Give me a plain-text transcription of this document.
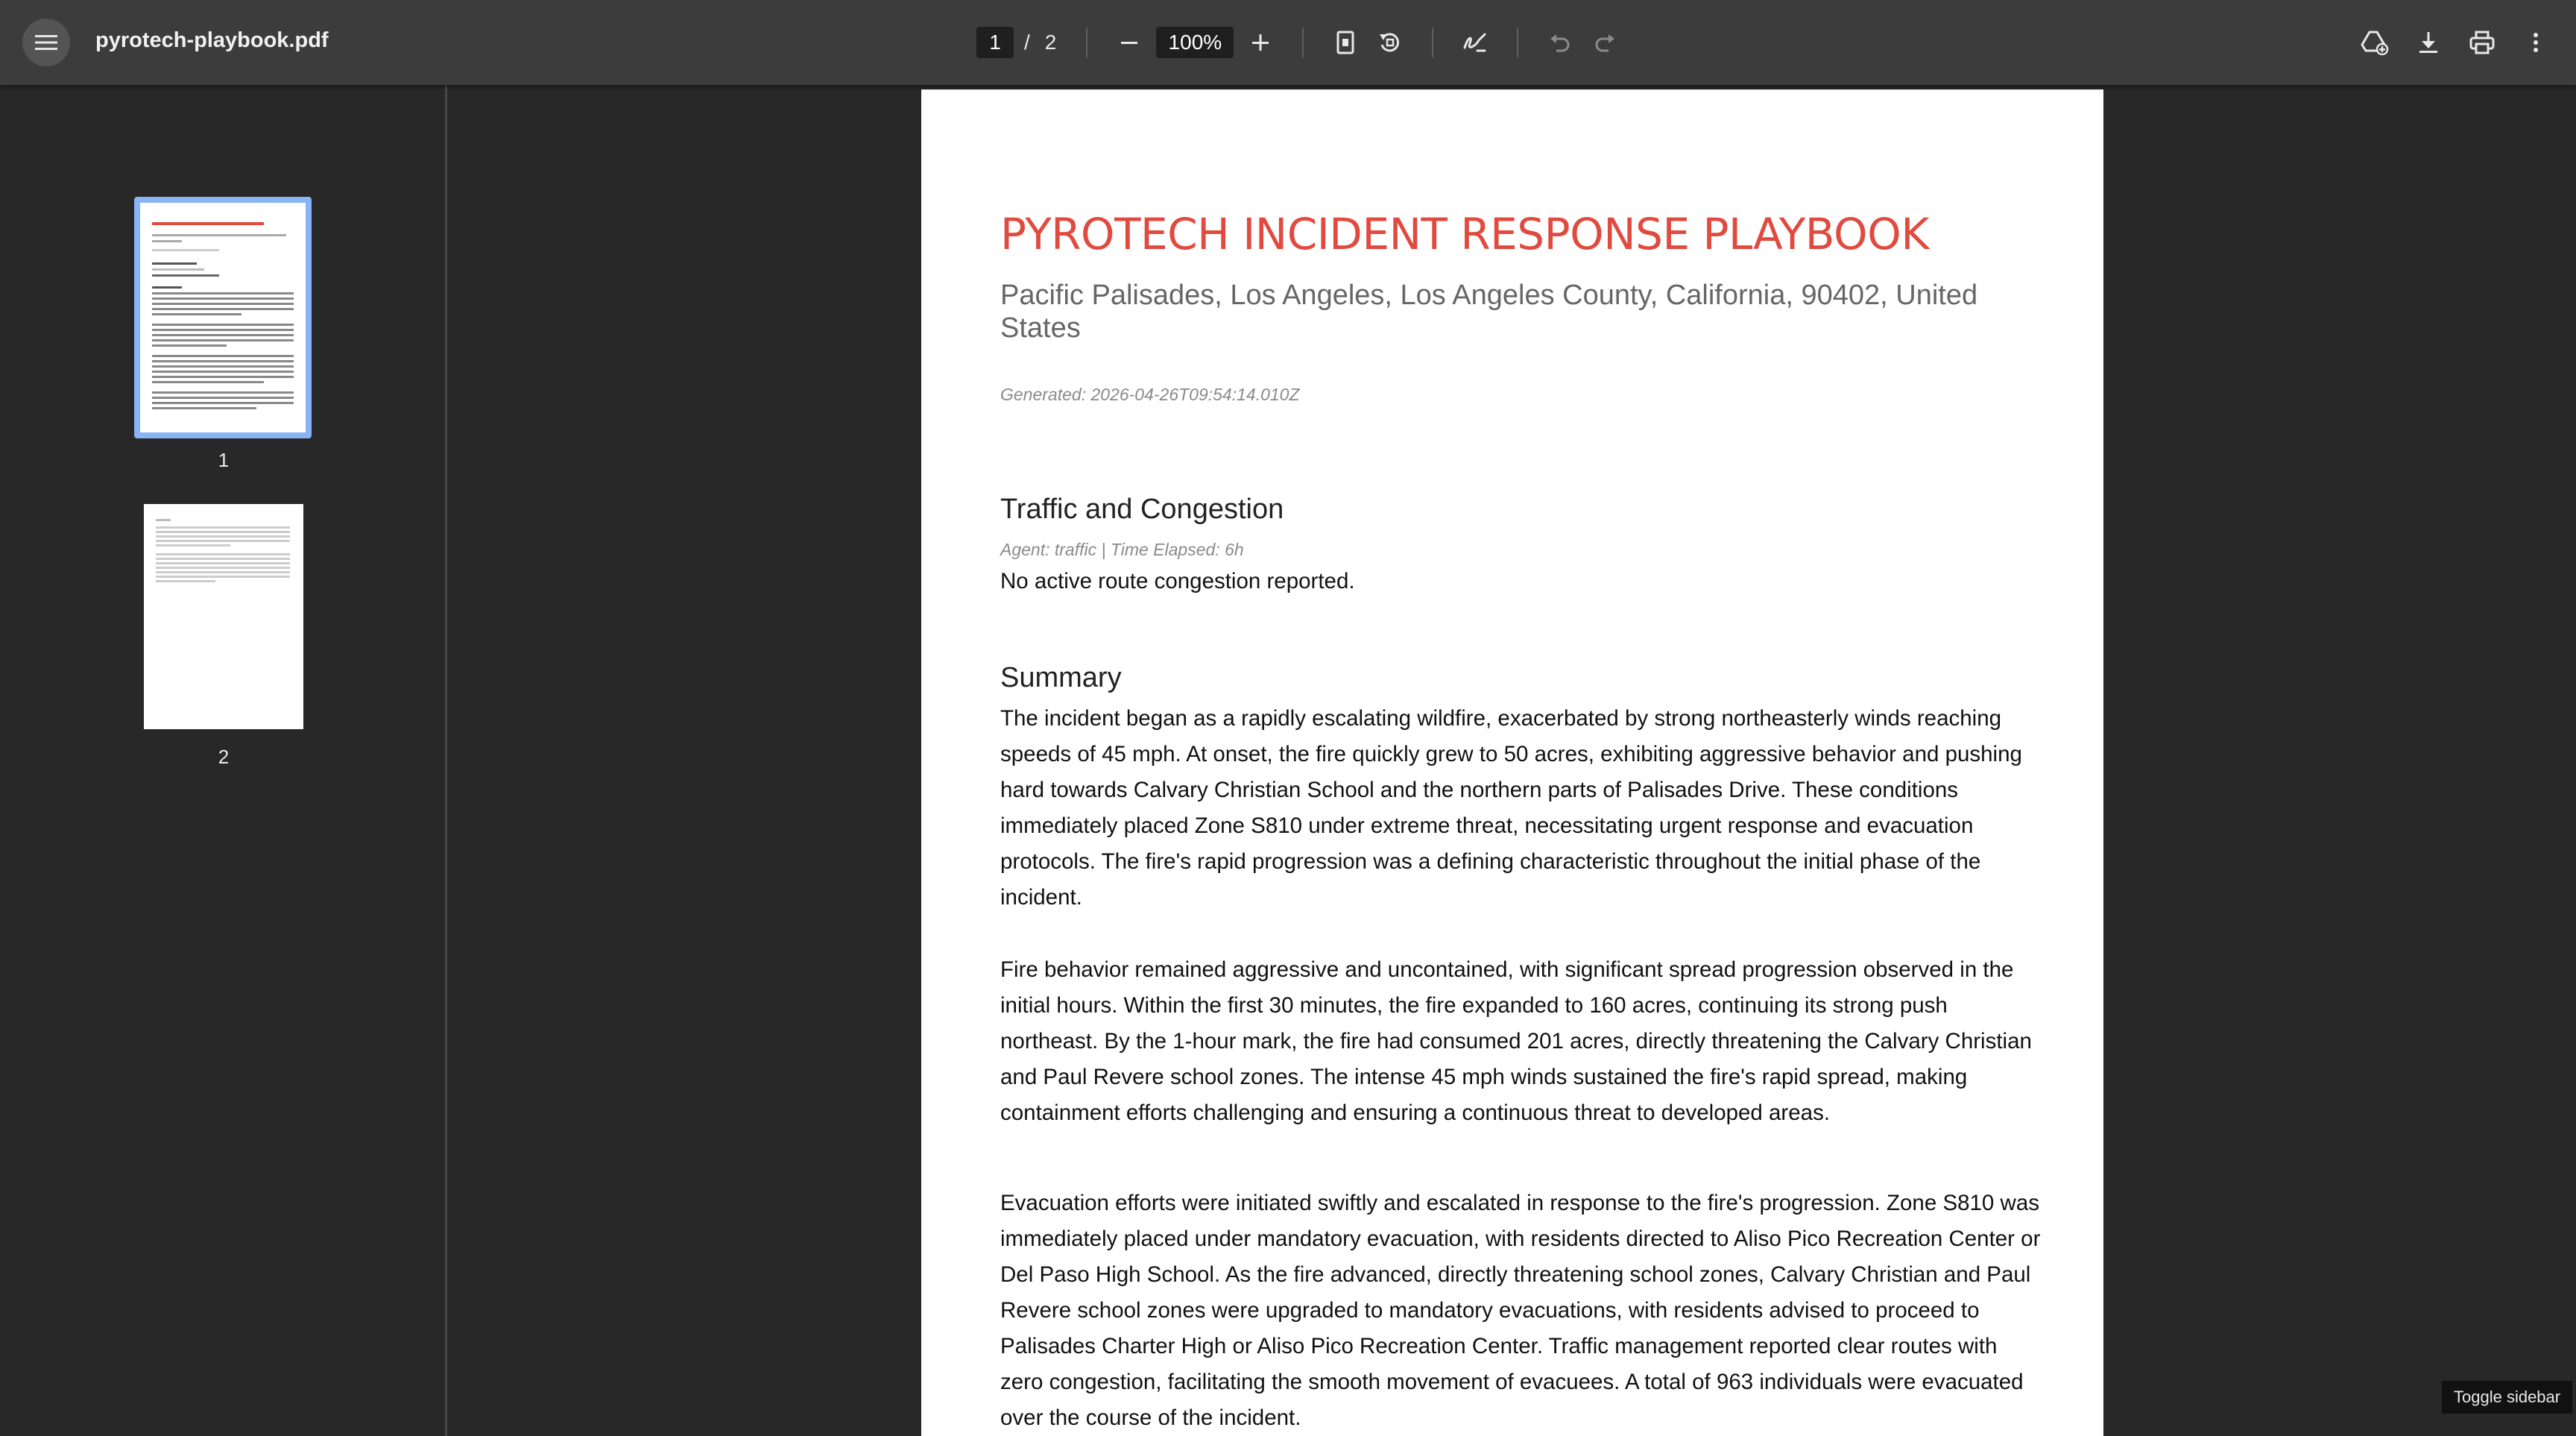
pyrotech-playbook.pdf	1	/ 2	100%
1
2
PYROTECH INCIDENT RESPONSE PLAYBOOK
Pacific Palisades, Los Angeles, Los Angeles County, California, 90402, United States
Generated: 2026-04-26T09:54:14.010Z
Traffic and Congestion
Agent: traffic | Time Elapsed: 6h
No active route congestion reported.
Summary
The incident began as a rapidly escalating wildfire, exacerbated by strong northeasterly winds reaching speeds of 45 mph. At onset, the fire quickly grew to 50 acres, exhibiting aggressive behavior and pushing hard towards Calvary Christian School and the northern parts of Palisades Drive. These conditions immediately placed Zone S810 under extreme threat, necessitating urgent response and evacuation protocols. The fire's rapid progression was a defining characteristic throughout the initial phase of the incident.
Fire behavior remained aggressive and uncontained, with significant spread progression observed in the initial hours. Within the first 30 minutes, the fire expanded to 160 acres, continuing its strong push northeast. By the 1-hour mark, the fire had consumed 201 acres, directly threatening the Calvary Christian and Paul Revere school zones. The intense 45 mph winds sustained the fire's rapid spread, making containment efforts challenging and ensuring a continuous threat to developed areas.
Evacuation efforts were initiated swiftly and escalated in response to the fire's progression. Zone S810 was immediately placed under mandatory evacuation, with residents directed to Aliso Pico Recreation Center or Del Paso High School. As the fire advanced, directly threatening school zones, Calvary Christian and Paul Revere school zones were upgraded to mandatory evacuations, with residents advised to proceed to Palisades Charter High or Aliso Pico Recreation Center. Traffic management reported clear routes with zero congestion, facilitating the smooth movement of evacuees. A total of 963 individuals were evacuated over the course of the incident.
Toggle sidebar
